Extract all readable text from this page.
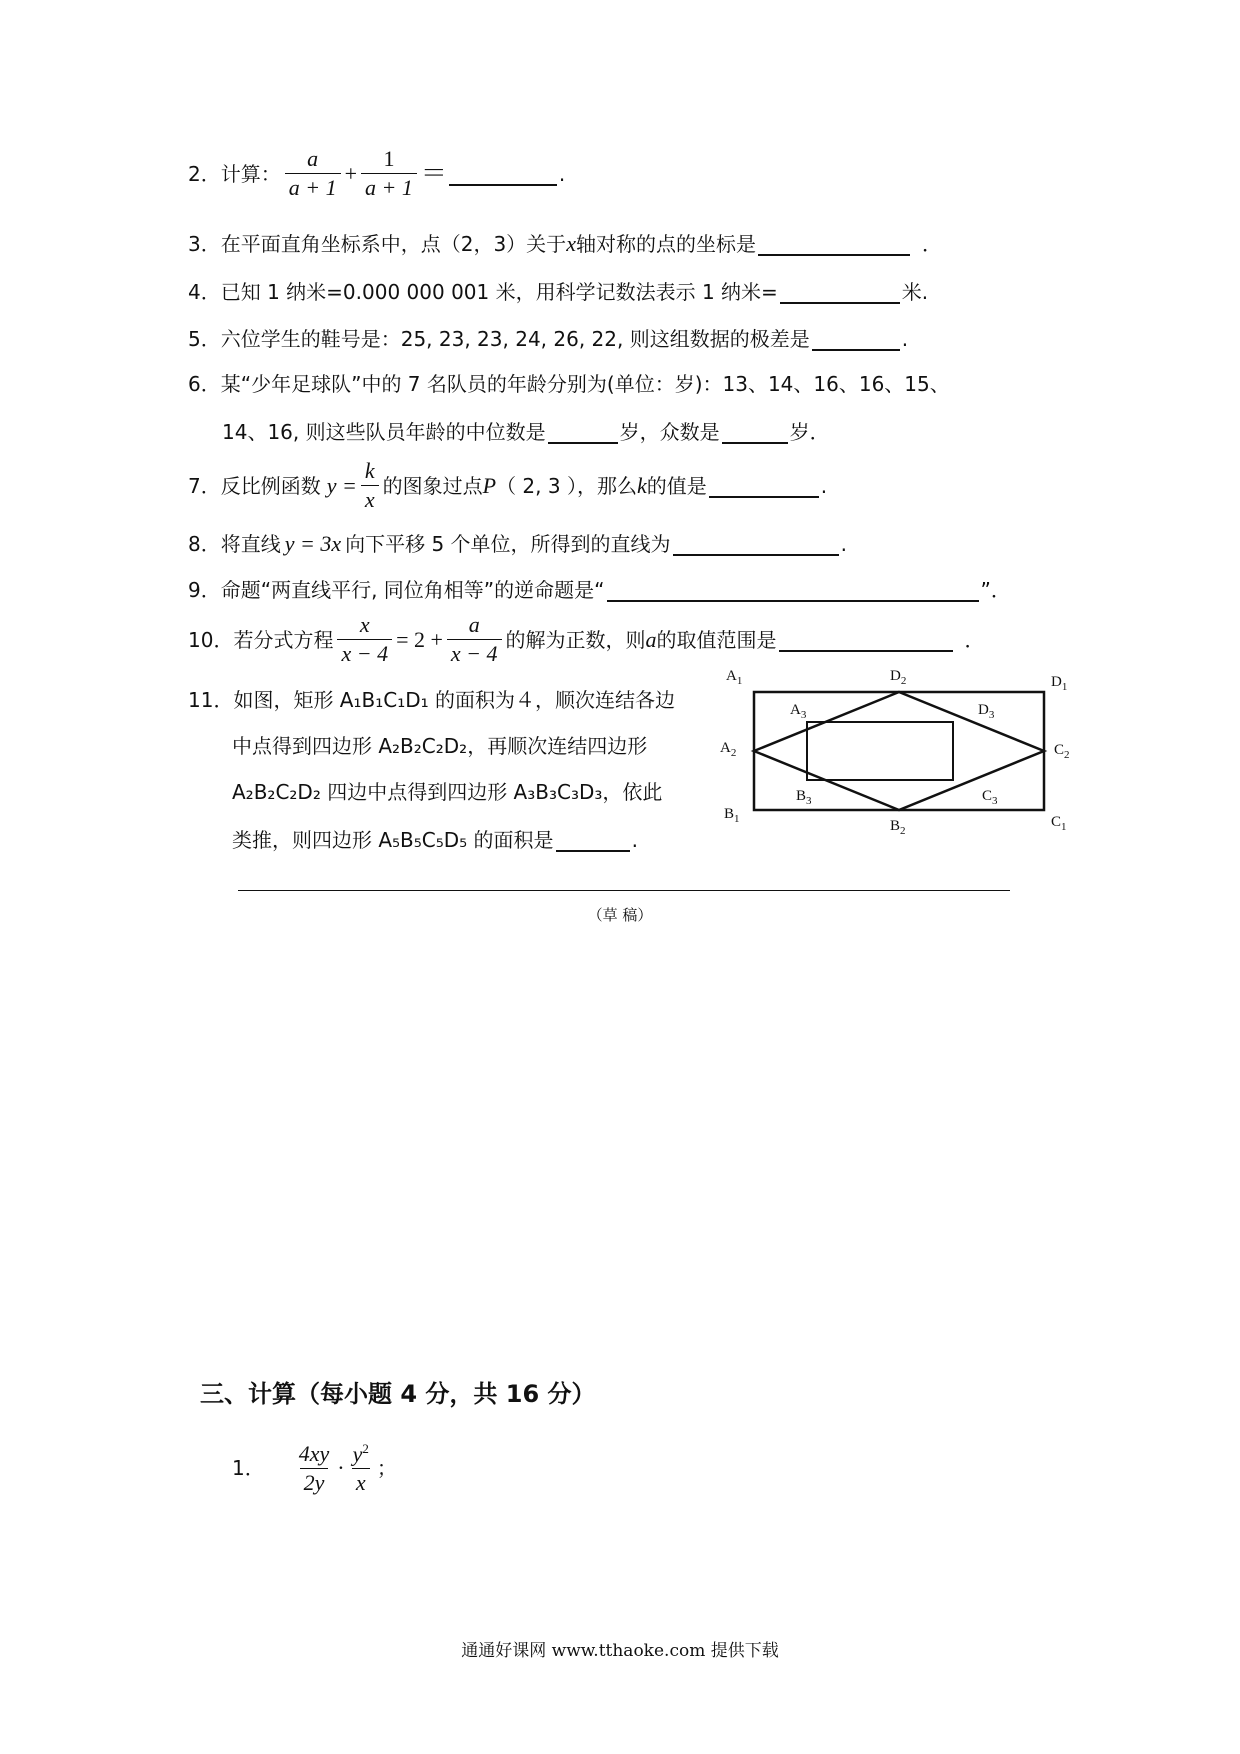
2． 计算： $\frac{a}{a + 1} + \frac{1}{a + 1}$ ＝	.
3．在平面直角坐标系中，点（2，3）关于 x 轴对称的点的坐标是	．
4．已知 1 纳米=0.000 000 001 米，用科学记数法表示 1 纳米=	米.
5．六位学生的鞋号是：25, 23, 23, 24, 26, 22, 则这组数据的极差是	.
6．某“少年足球队”中的 7 名队员的年龄分别为(单位：岁)：13、14、16、16、15、
14、16, 则这些队员年龄的中位数是	岁，众数是	岁．
7．反比例函数 $y = \frac{k}{x}$ 的图象过点 P （ 2, 3 ），那么 k 的值是	.
8．将直线 y = 3x 向下平移 5 个单位，所得到的直线为	.
9．命题“两直线平行, 同位角相等”的逆命题是“	”．
10．若分式方程 $\frac{x}{x - 4} = 2 + \frac{a}{x - 4}$ 的解为正数，则 a 的取值范围是	．
11．如图，矩形 A₁B₁C₁D₁ 的面积为４，顺次连结各边
中点得到四边形 A₂B₂C₂D₂，再顺次连结四边形
A₂B₂C₂D₂ 四边中点得到四边形 A₃B₃C₃D₃，依此
类推，则四边形 A₅B₅C₅D₅ 的面积是	.
$A_1$	$D_2$	$D_1$
$A_3$	$D_3$
$A_2$	$C_2$
$B_3$	$C_3$
$B_1$	$B_2$
$C_1$
（草 稿）
三、计算（每小题 4 分，共 16 分）
1． $\frac{4xy}{2y} \cdot \frac{y^2}{x}$ ；
通通好课网 www.tthaoke.com 提供下载
